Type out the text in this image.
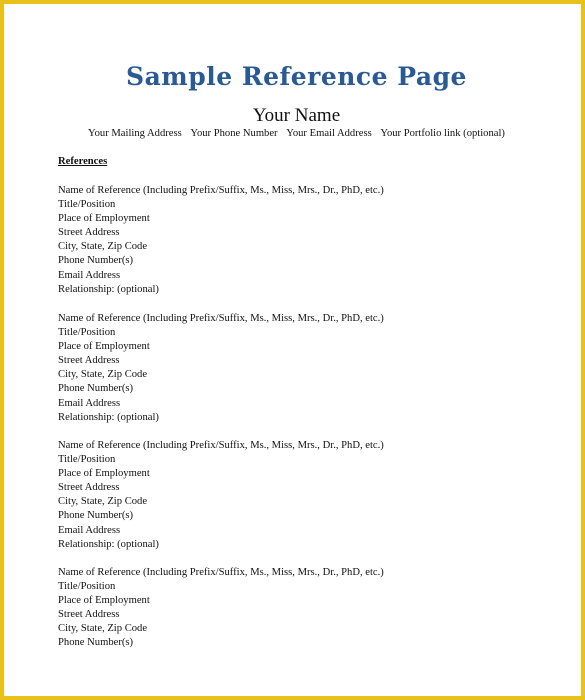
Sample Reference Page
Your Name
Your Mailing Address Your Phone Number Your Email Address Your Portfolio link (optional)
References
Name of Reference (Including Prefix/Suffix, Ms., Miss, Mrs., Dr., PhD, etc.)
Title/Position
Place of Employment
Street Address
City, State, Zip Code
Phone Number(s)
Email Address
Relationship: (optional)
Name of Reference (Including Prefix/Suffix, Ms., Miss, Mrs., Dr., PhD, etc.)
Title/Position
Place of Employment
Street Address
City, State, Zip Code
Phone Number(s)
Email Address
Relationship: (optional)
Name of Reference (Including Prefix/Suffix, Ms., Miss, Mrs., Dr., PhD, etc.)
Title/Position
Place of Employment
Street Address
City, State, Zip Code
Phone Number(s)
Email Address
Relationship: (optional)
Name of Reference (Including Prefix/Suffix, Ms., Miss, Mrs., Dr., PhD, etc.)
Title/Position
Place of Employment
Street Address
City, State, Zip Code
Phone Number(s)
